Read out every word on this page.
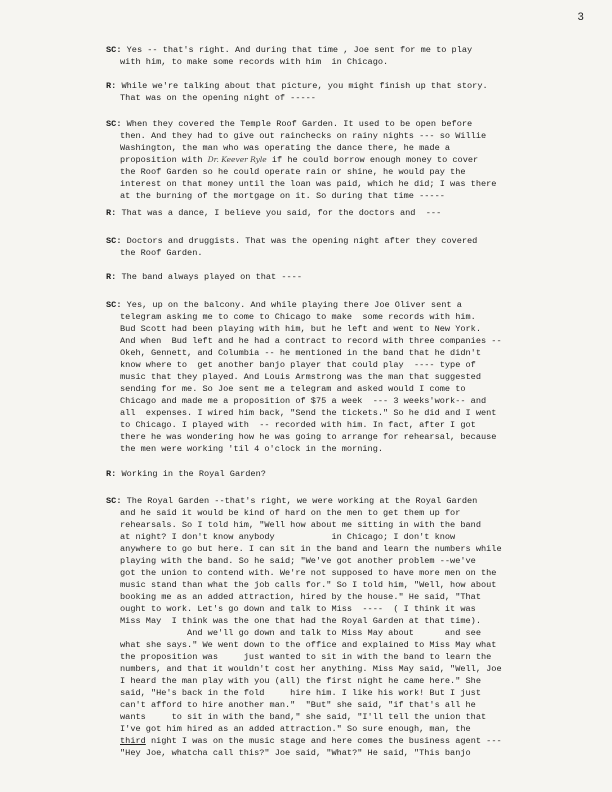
3
SC: Yes -- that's right. And during that time , Joe sent for me to play
with him, to make some records with him  in Chicago.
R: While we're talking about that picture, you might finish up that story.
That was on the opening night of -----
SC: When they covered the Temple Roof Garden. It used to be open before
then. And they had to give out rainchecks on rainy nights --- so Willie
Washington, the man who was operating the dance there, he made a
proposition with Dr. Keever Ryle if he could borrow enough money to cover
the Roof Garden so he could operate rain or shine, he would pay the
interest on that money until the loan was paid, which he did; I was there
at the burning of the mortgage on it. So during that time -----
R: That was a dance, I believe you said, for the doctors and  ---
SC: Doctors and druggists. That was the opening night after they covered
the Roof Garden.
R: The band always played on that ----
SC: Yes, up on the balcony. And while playing there Joe Oliver sent a
telegram asking me to come to Chicago to make  some records with him.
Bud Scott had been playing with him, but he left and went to New York.
And when  Bud left and he had a contract to record with three companies --
Okeh, Gennett, and Columbia -- he mentioned in the band that he didn't
know where to  get another banjo player that could play  ---- type of
music that they played. And Louis Armstrong was the man that suggested
sending for me. So Joe sent me a telegram and asked would I come to
Chicago and made me a proposition of $75 a week  --- 3 weeks'work-- and
all  expenses. I wired him back, "Send the tickets." So he did and I went
to Chicago. I played with  -- recorded with him. In fact, after I got
there he was wondering how he was going to arrange for rehearsal, because
the men were working 'til 4 o'clock in the morning.
R: Working in the Royal Garden?
SC: The Royal Garden --that's right, we were working at the Royal Garden
and he said it would be kind of hard on the men to get them up for
rehearsals. So I told him, "Well how about me sitting in with the band
at night? I don't know anybody           in Chicago; I don't know
anywhere to go but here. I can sit in the band and learn the numbers while
playing with the band. So he said; "We've got another problem --we've
got the union to contend with. We're not supposed to have more men on the
music stand than what the job calls for." So I told him, "Well, how about
booking me as an added attraction, hired by the house." He said, "That
ought to work. Let's go down and talk to Miss  ----  ( I think it was
Miss May  I think was the one that had the Royal Garden at that time).
And we'll go down and talk to Miss May about      and see
what she says." We went down to the office and explained to Miss May what
the proposition was     just wanted to sit in with the band to learn the
numbers, and that it wouldn't cost her anything. Miss May said, "Well, Joe
I heard the man play with you (all) the first night he came here." She
said, "He's back in the fold     hire him. I like his work! But I just
can't afford to hire another man."  "But" she said, "if that's all he
wants     to sit in with the band," she said, "I'll tell the union that
I've got him hired as an added attraction." So sure enough, man, the
third night I was on the music stage and here comes the business agent ---
"Hey Joe, whatcha call this?" Joe said, "What?" He said, "This banjo
